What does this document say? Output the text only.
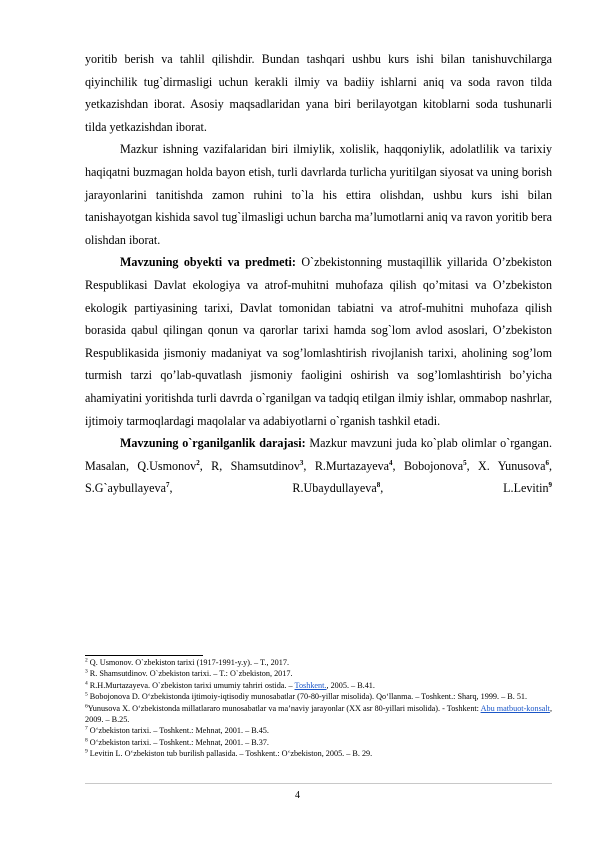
yoritib berish va tahlil qilishdir. Bundan tashqari ushbu kurs ishi bilan tanishuvchilarga qiyinchilik tug`dirmasligi uchun kerakli ilmiy va badiiy ishlarni aniq va soda ravon tilda yetkazishdan iborat. Asosiy maqsadlaridan yana biri berilayotgan kitoblarni soda tushunarli tilda yetkazishdan iborat.

Mazkur ishning vazifalaridan biri ilmiylik, xolislik, haqqoniylik, adolatlilik va tarixiy haqiqatni buzmagan holda bayon etish, turli davrlarda turlicha yuritilgan siyosat va uning borish jarayonlarini tanitishda zamon ruhini to`la his ettira olishdan, ushbu kurs ishi bilan tanishayotgan kishida savol tug`ilmasligi uchun barcha ma’lumotlarni aniq va ravon yoritib bera olishdan iborat.

Mavzuning obyekti va predmeti: O`zbekistonning mustaqillik yillarida O’zbekiston Respublikasi Davlat ekologiya va atrof-muhitni muhofaza qilish qo’mitasi va O’zbekiston ekologik partiyasining tarixi, Davlat tomonidan tabiatni va atrof-muhitni muhofaza qilish borasida qabul qilingan qonun va qarorlar tarixi hamda sog`lom avlod asoslari, O’zbekiston Respublikasida jismoniy madaniyat va sog’lomlashtirish rivojlanish tarixi, aholining sog’lom turmish tarzi qo’lab-quvatlash jismoniy faoligini oshirish va sog’lomlashtirish bo’yicha ahamiyatini yoritishda turli davrda o`rganilgan va tadqiq etilgan ilmiy ishlar, ommabop nashrlar, ijtimoiy tarmoqlardagi maqolalar va adabiyotlarni o`rganish tashkil etadi.

Mavzuning o`rganilganlik darajasi: Mazkur mavzuni juda ko`plab olimlar o`rgangan. Masalan, Q.Usmonov$^2$, R, Shamsutdinov$^3$, R.Murtazayeva$^4$, Bobojonova$^5$, X. Yunusova$^6$, S.G`aybullayeva$^7$, R.Ubaydullayeva$^8$, L.Levitin$^9$

$^2$ Q. Usmonov. O`zbekiston tarixi (1917-1991-y.y). – T., 2017.

$^3$ R. Shamsutdinov. O`zbekiston tarixi. – T.: O`zbekiston, 2017.

$^4$ R.H.Murtazayeva. O`zbekiston tarixi umumiy tahriri ostida. – Toshkent., 2005. – B.41.

$^5$ Bobojonova D. O‘zbekistonda ijtimoiy-iqtisodiy munosabatlar (70-80-yillar misolida). Qo‘llanma. – Toshkent.: Sharq, 1999. – B. 51.

$^6$Yunusova X. O‘zbekistonda millatlararo munosabatlar va ma’naviy jarayonlar (XX asr 80-yillari misolida). - Toshkent: Abu matbuot-konsalt, 2009. – B.25.

$^7$ O‘zbekiston tarixi. – Toshkent.: Mehnat, 2001. – B.45.

$^8$ O‘zbekiston tarixi. – Toshkent.: Mehnat, 2001. – B.37.

$^9$ Levitin L. O‘zbekiston tub burilish pallasida. – Toshkent.: O‘zbekiston, 2005. – B. 29.

4
